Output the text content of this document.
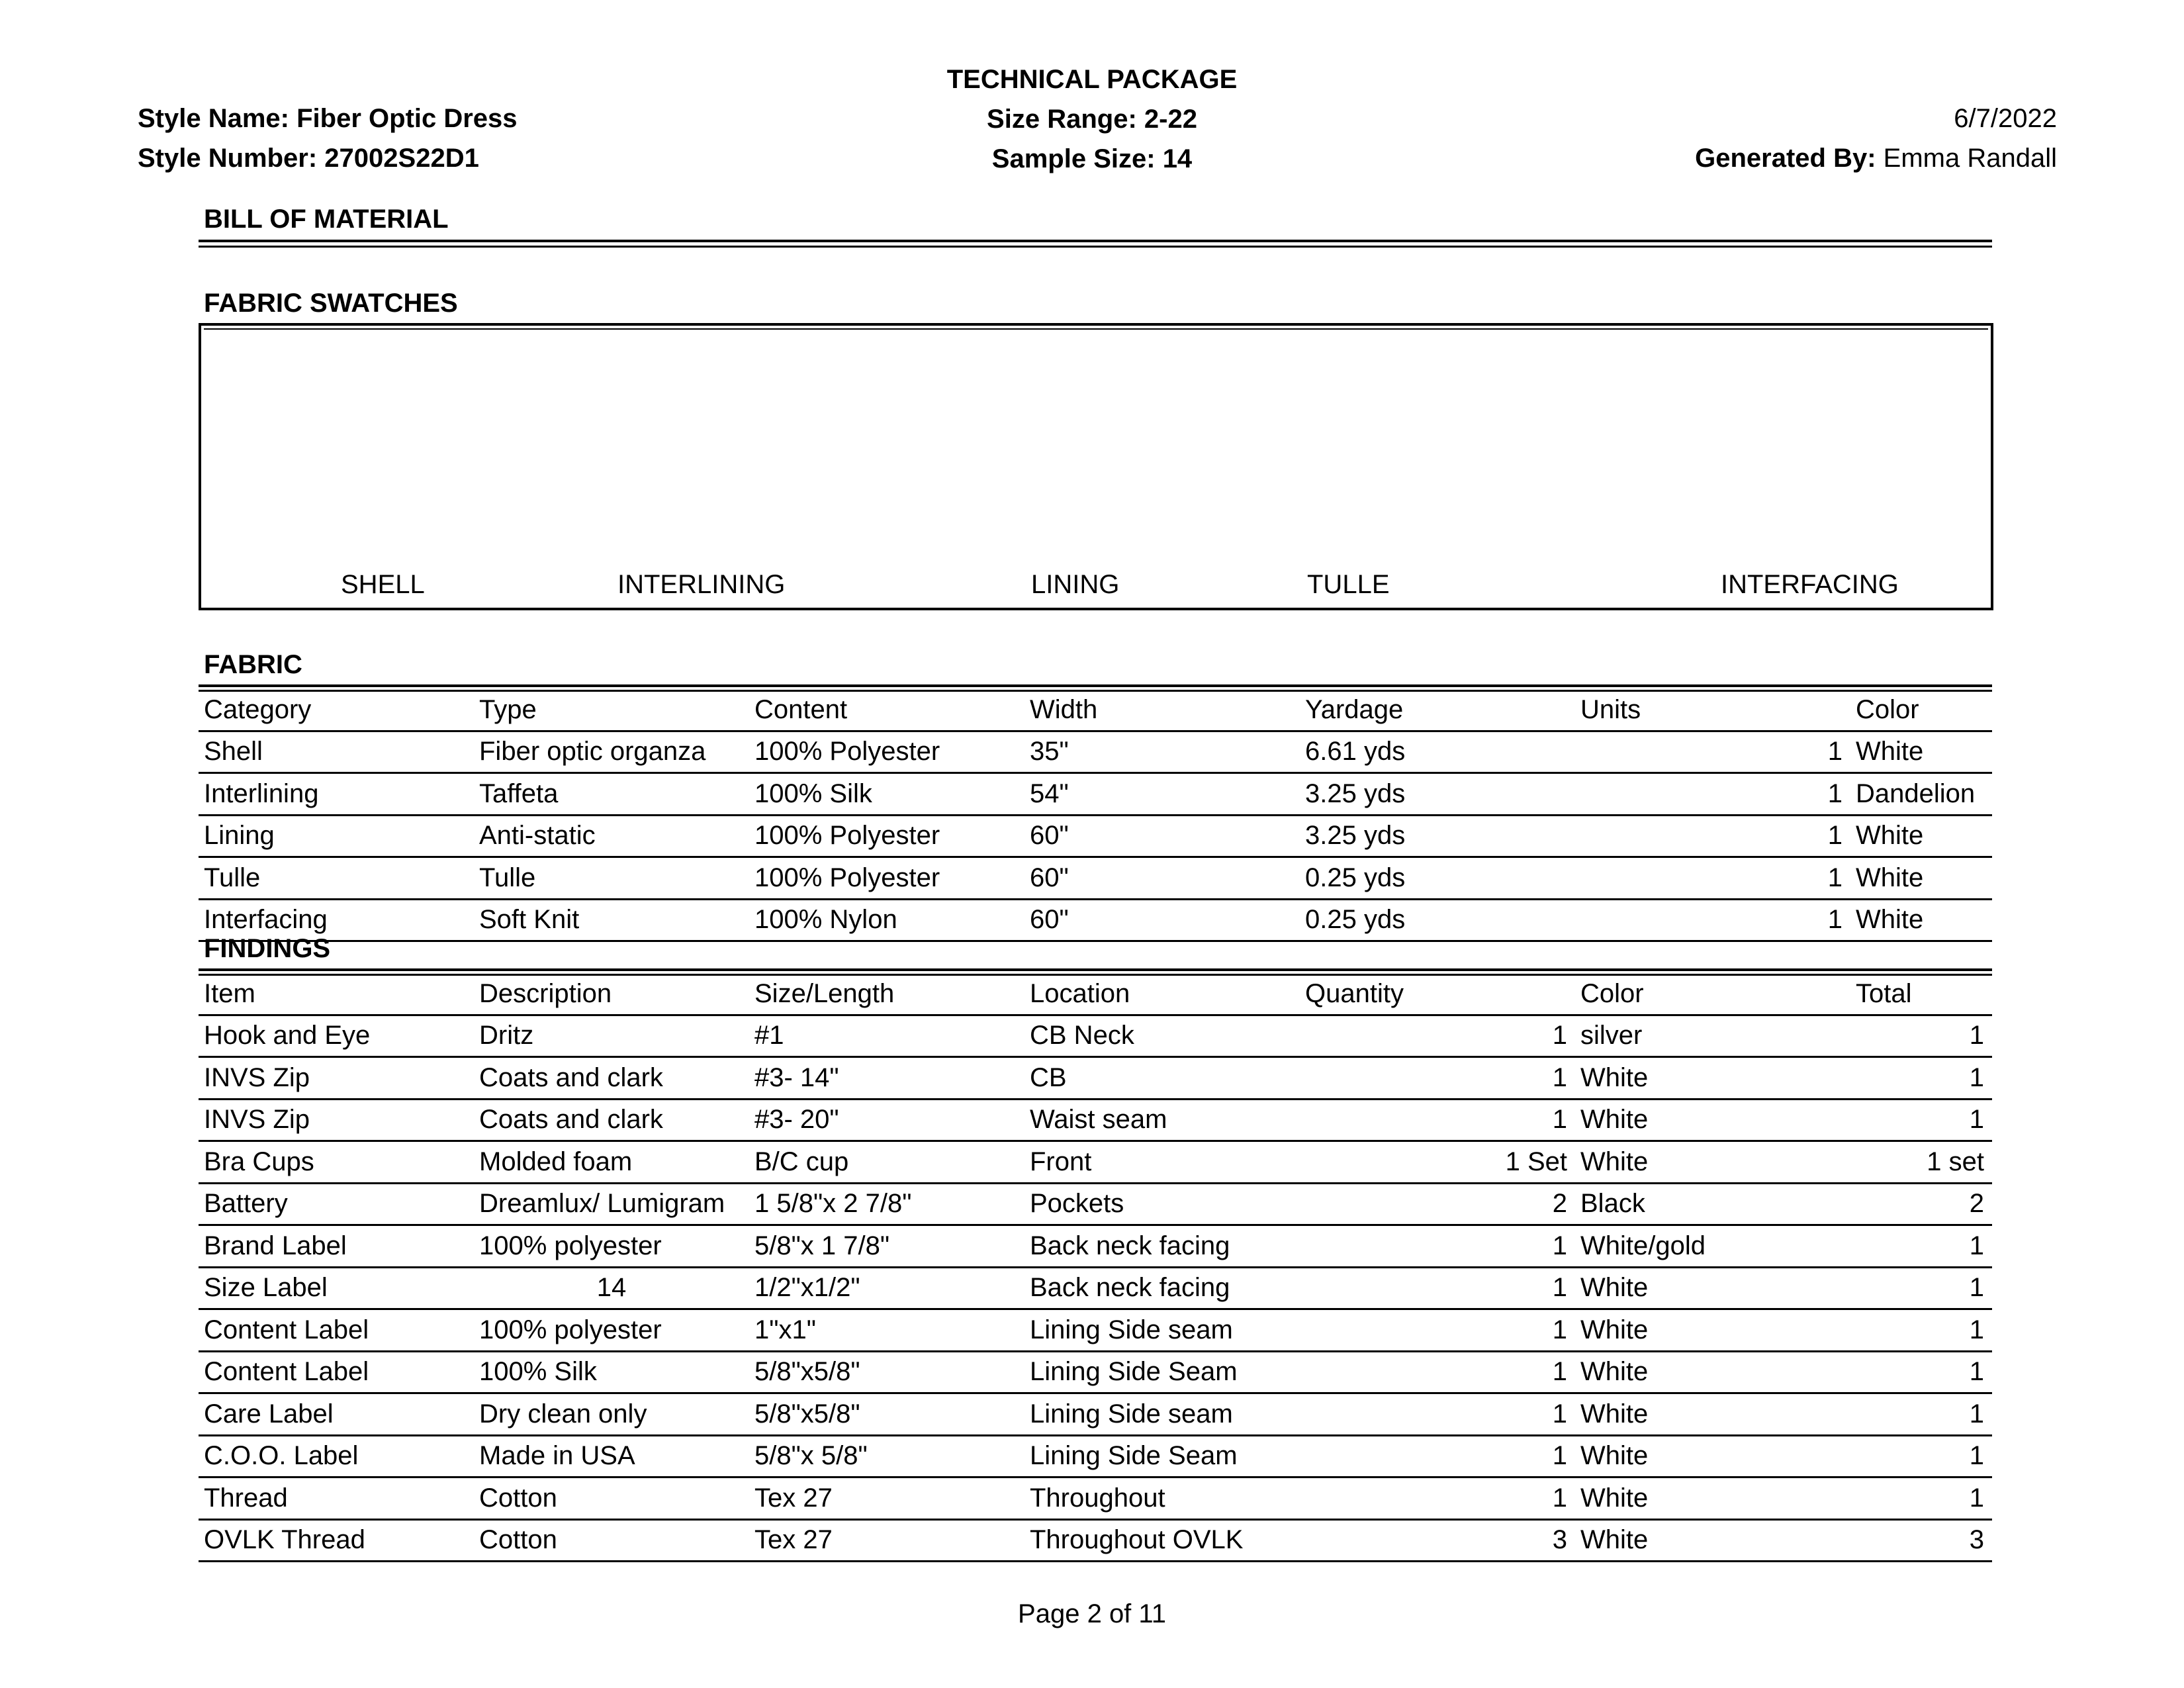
Style Name: Fiber Optic Dress
Style Number: 27002S22D1
TECHNICAL PACKAGE
Size Range: 2-22
Sample Size: 14
6/7/2022
Generated By: Emma Randall
BILL OF MATERIAL
FABRIC SWATCHES
SHELL	INTERLINING	LINING	TULLE	INTERFACING
FABRIC
Category	Type	Content	Width	Yardage	Units	Color
Shell	Fiber optic organza	100% Polyester	35"	6.61 yds	1	White
Interlining	Taffeta	100% Silk	54"	3.25 yds	1	Dandelion
Lining	Anti-static	100% Polyester	60"	3.25 yds	1	White
Tulle	Tulle	100% Polyester	60"	0.25 yds	1	White
Interfacing	Soft Knit	100% Nylon	60"	0.25 yds	1	White
FINDINGS
Item	Description	Size/Length	Location	Quantity	Color	Total
Hook and Eye	Dritz	#1	CB Neck	1	silver	1
INVS Zip	Coats and clark	#3- 14"	CB	1	White	1
INVS Zip	Coats and clark	#3- 20"	Waist seam	1	White	1
Bra Cups	Molded foam	B/C cup	Front	1 Set	White	1 set
Battery	Dreamlux/ Lumigram	1 5/8"x 2 7/8"	Pockets	2	Black	2
Brand Label	100% polyester	5/8"x 1 7/8"	Back neck facing	1	White/gold	1
Size Label	14	1/2"x1/2"	Back neck facing	1	White	1
Content Label	100% polyester	1"x1"	Lining Side seam	1	White	1
Content Label	100% Silk	5/8"x5/8"	Lining Side Seam	1	White	1
Care Label	Dry clean only	5/8"x5/8"	Lining Side seam	1	White	1
C.O.O. Label	Made in USA	5/8"x 5/8"	Lining Side Seam	1	White	1
Thread	Cotton	Tex 27	Throughout	1	White	1
OVLK Thread	Cotton	Tex 27	Throughout OVLK	3	White	3
Page 2 of 11
